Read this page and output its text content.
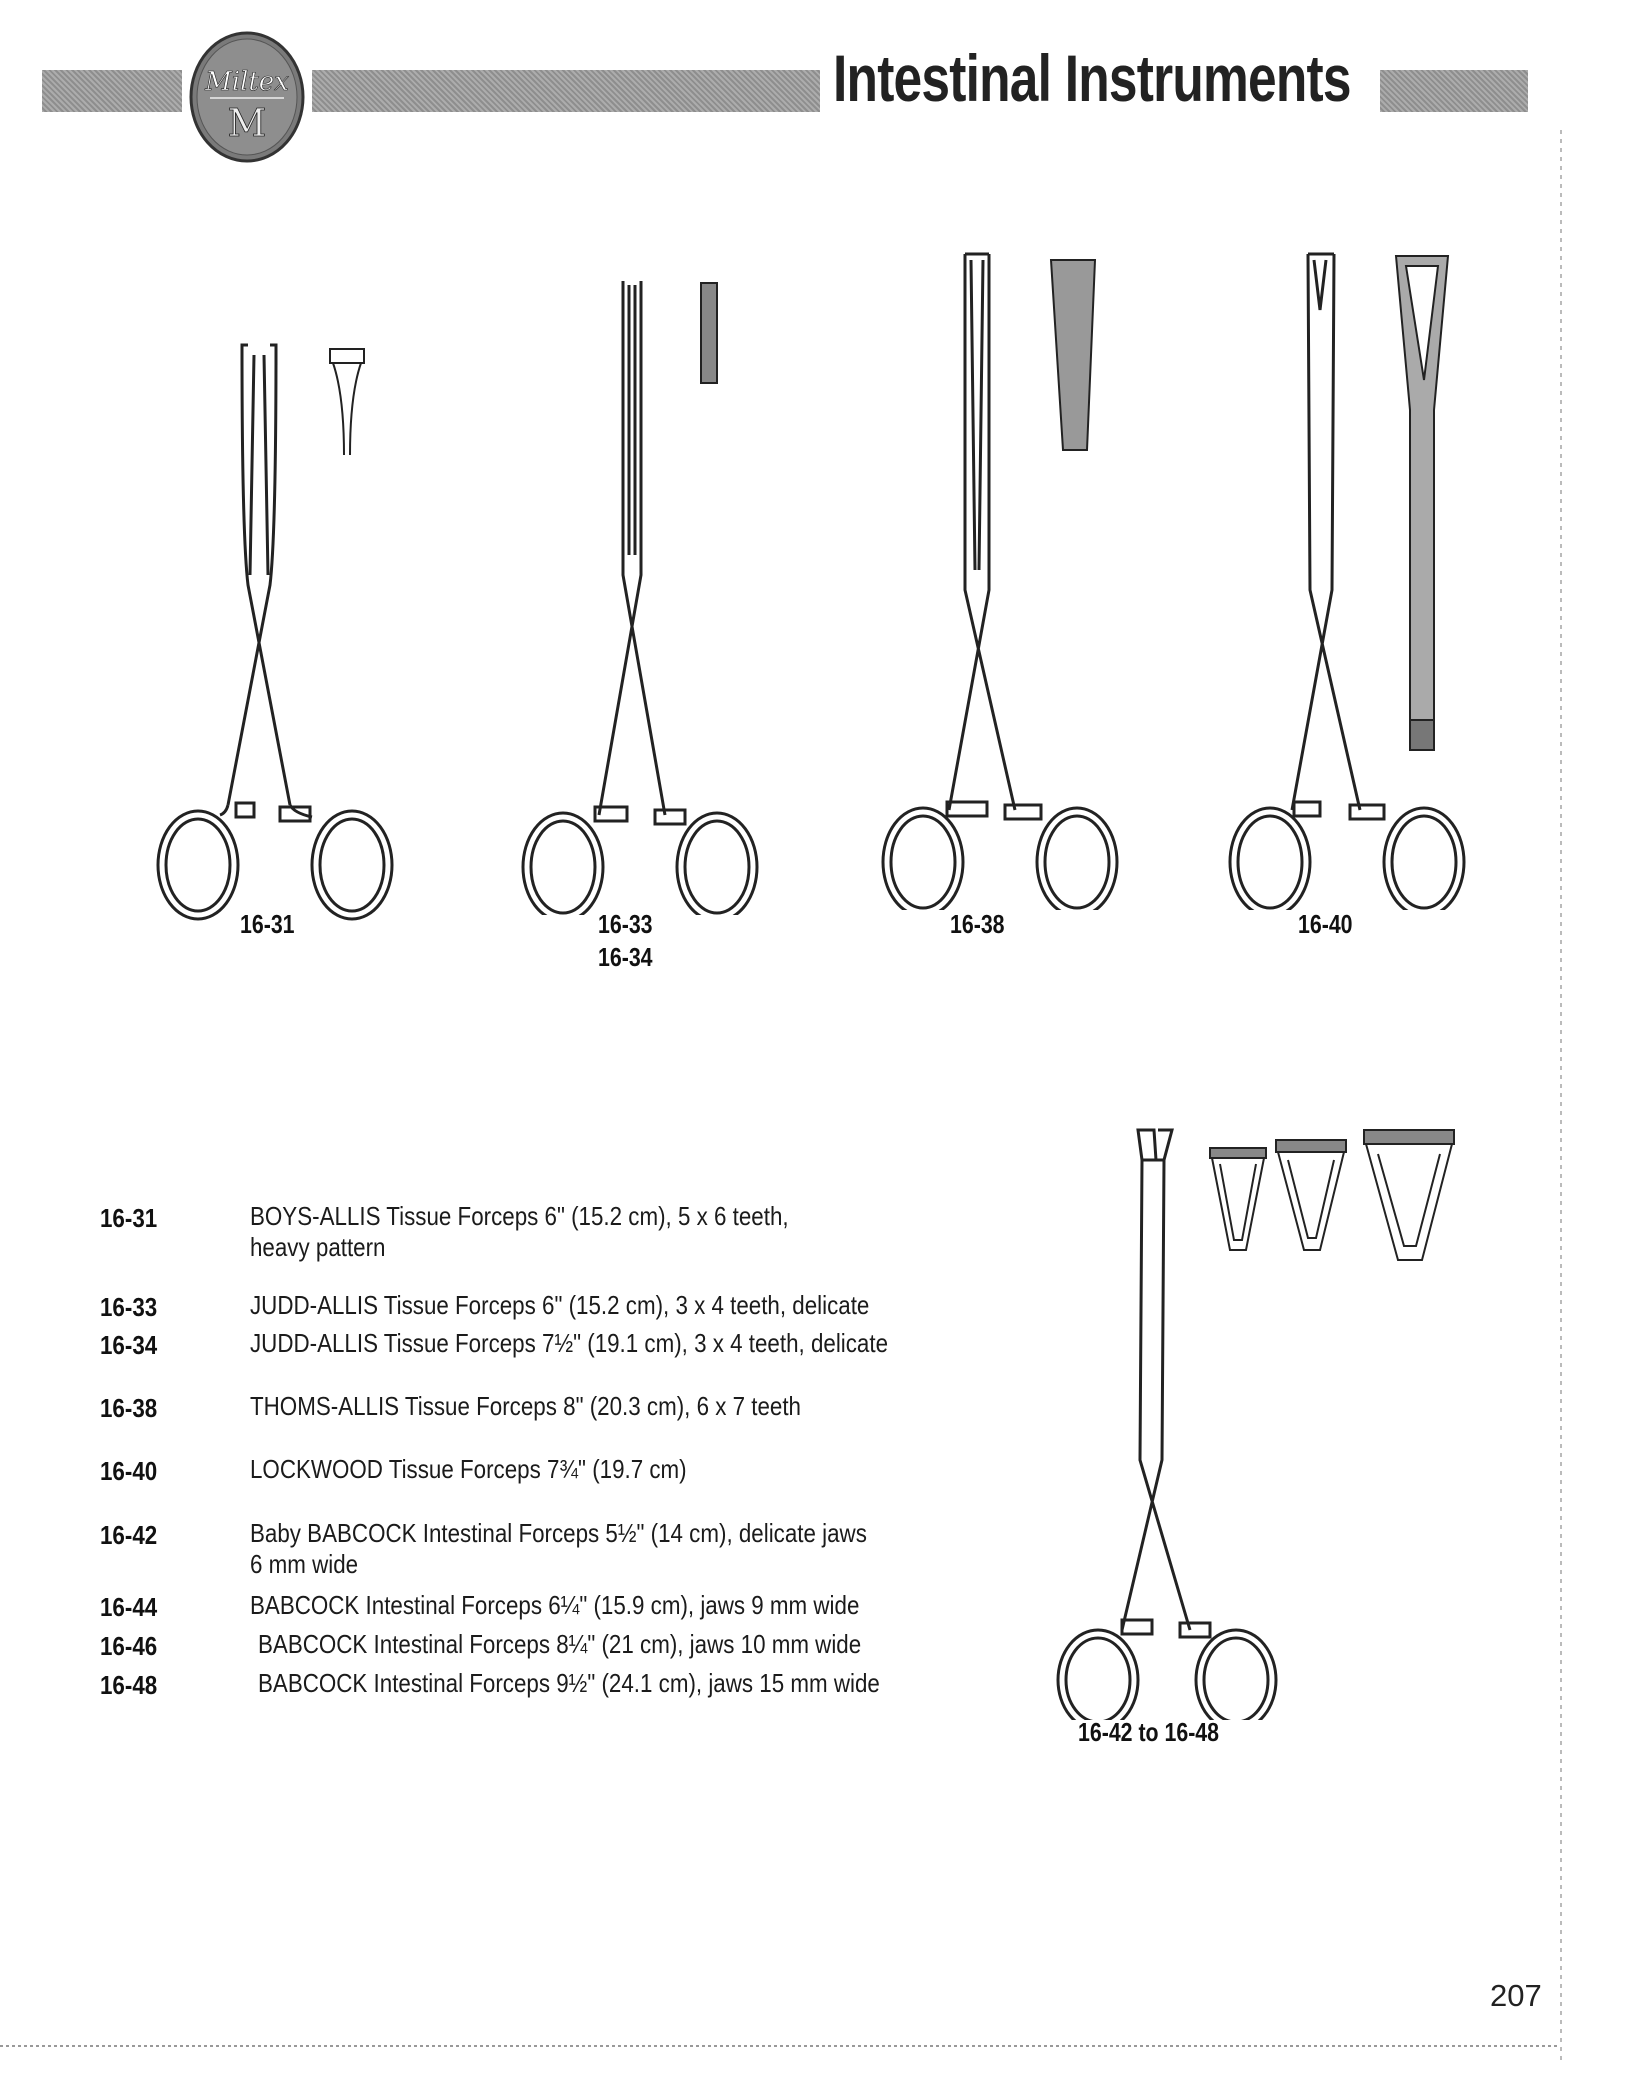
Miltex
M
Intestinal Instruments
16-31	16-33
16-34
16-38	16-40
16-42 to 16-48
16-31	BOYS-ALLIS Tissue Forceps 6" (15.2 cm), 5 x 6 teeth,
heavy pattern
16-33	JUDD-ALLIS Tissue Forceps 6" (15.2 cm), 3 x 4 teeth, delicate
16-34	JUDD-ALLIS Tissue Forceps 7½" (19.1 cm), 3 x 4 teeth, delicate
16-38	THOMS-ALLIS Tissue Forceps 8" (20.3 cm), 6 x 7 teeth
16-40	LOCKWOOD Tissue Forceps 7¾" (19.7 cm)
16-42	Baby BABCOCK Intestinal Forceps 5½" (14 cm), delicate jaws
6 mm wide
16-44	BABCOCK Intestinal Forceps 6¼" (15.9 cm), jaws 9 mm wide
16-46	BABCOCK Intestinal Forceps 8¼" (21 cm), jaws 10 mm wide
16-48	BABCOCK Intestinal Forceps 9½" (24.1 cm), jaws 15 mm wide
207
